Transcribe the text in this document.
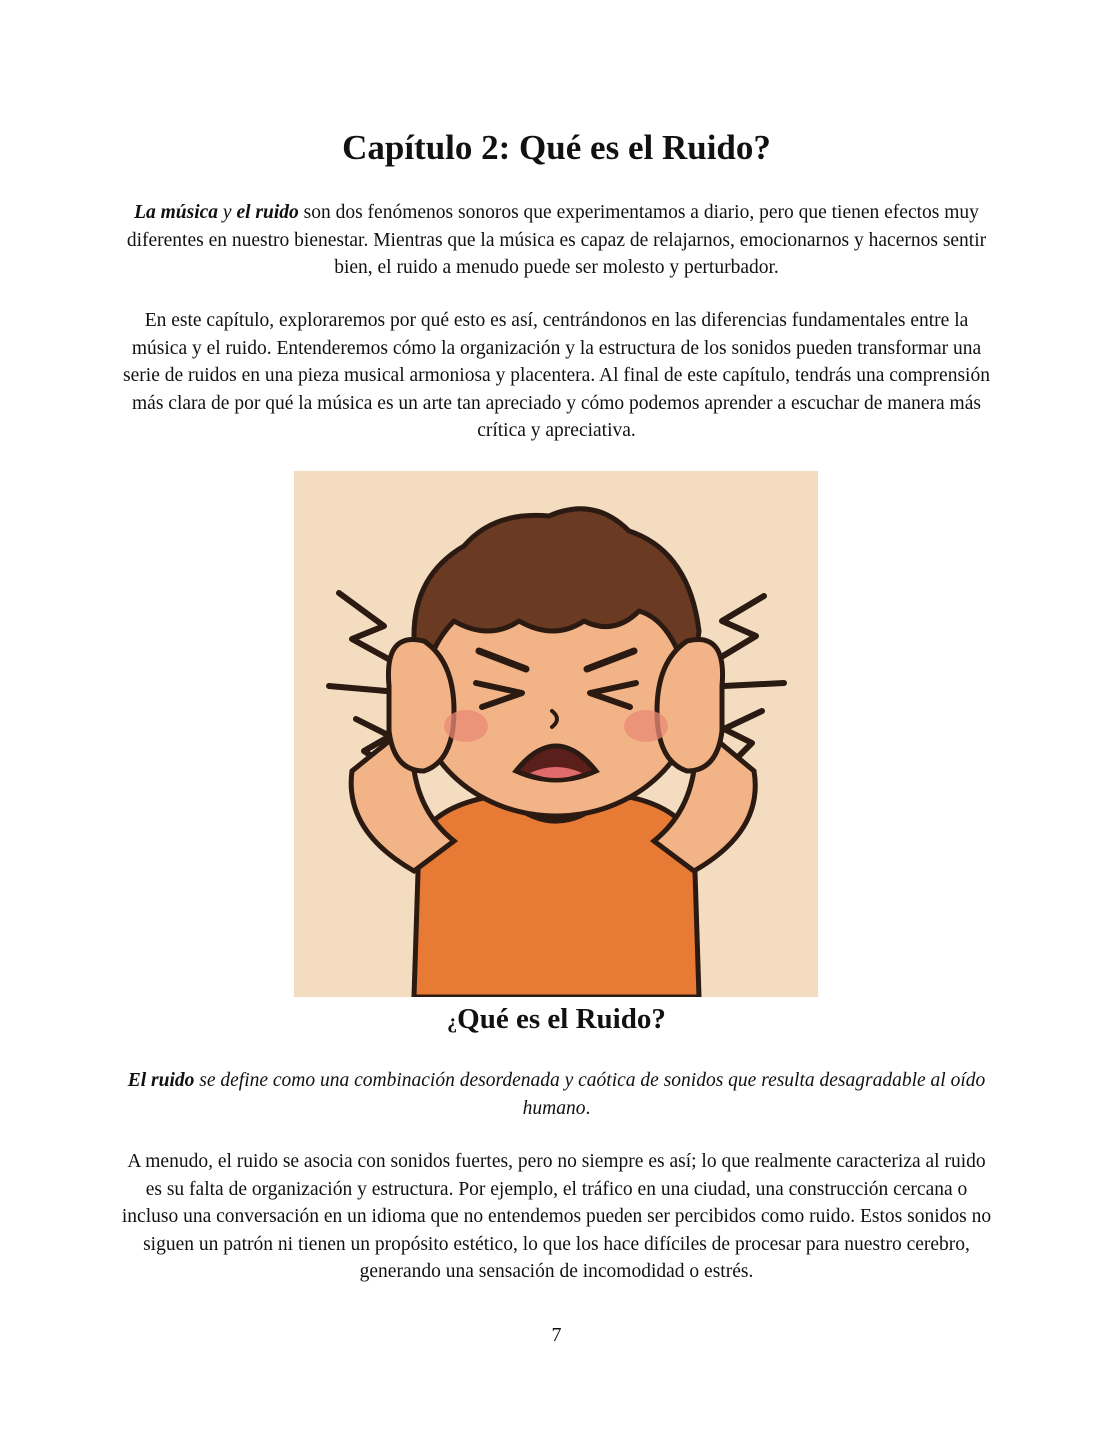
Capítulo 2: Qué es el Ruido?

La música y el ruido son dos fenómenos sonoros que experimentamos a diario, pero que tienen efectos muy diferentes en nuestro bienestar. Mientras que la música es capaz de relajarnos, emocionarnos y hacernos sentir bien, el ruido a menudo puede ser molesto y perturbador.

En este capítulo, exploraremos por qué esto es así, centrándonos en las diferencias fundamentales entre la música y el ruido. Entenderemos cómo la organización y la estructura de los sonidos pueden transformar una serie de ruidos en una pieza musical armoniosa y placentera. Al final de este capítulo, tendrás una comprensión más clara de por qué la música es un arte tan apreciado y cómo podemos aprender a escuchar de manera más crítica y apreciativa.

¿Qué es el Ruido?

El ruido se define como una combinación desordenada y caótica de sonidos que resulta desagradable al oído humano.

A menudo, el ruido se asocia con sonidos fuertes, pero no siempre es así; lo que realmente caracteriza al ruido es su falta de organización y estructura. Por ejemplo, el tráfico en una ciudad, una construcción cercana o incluso una conversación en un idioma que no entendemos pueden ser percibidos como ruido. Estos sonidos no siguen un patrón ni tienen un propósito estético, lo que los hace difíciles de procesar para nuestro cerebro, generando una sensación de incomodidad o estrés.

7
